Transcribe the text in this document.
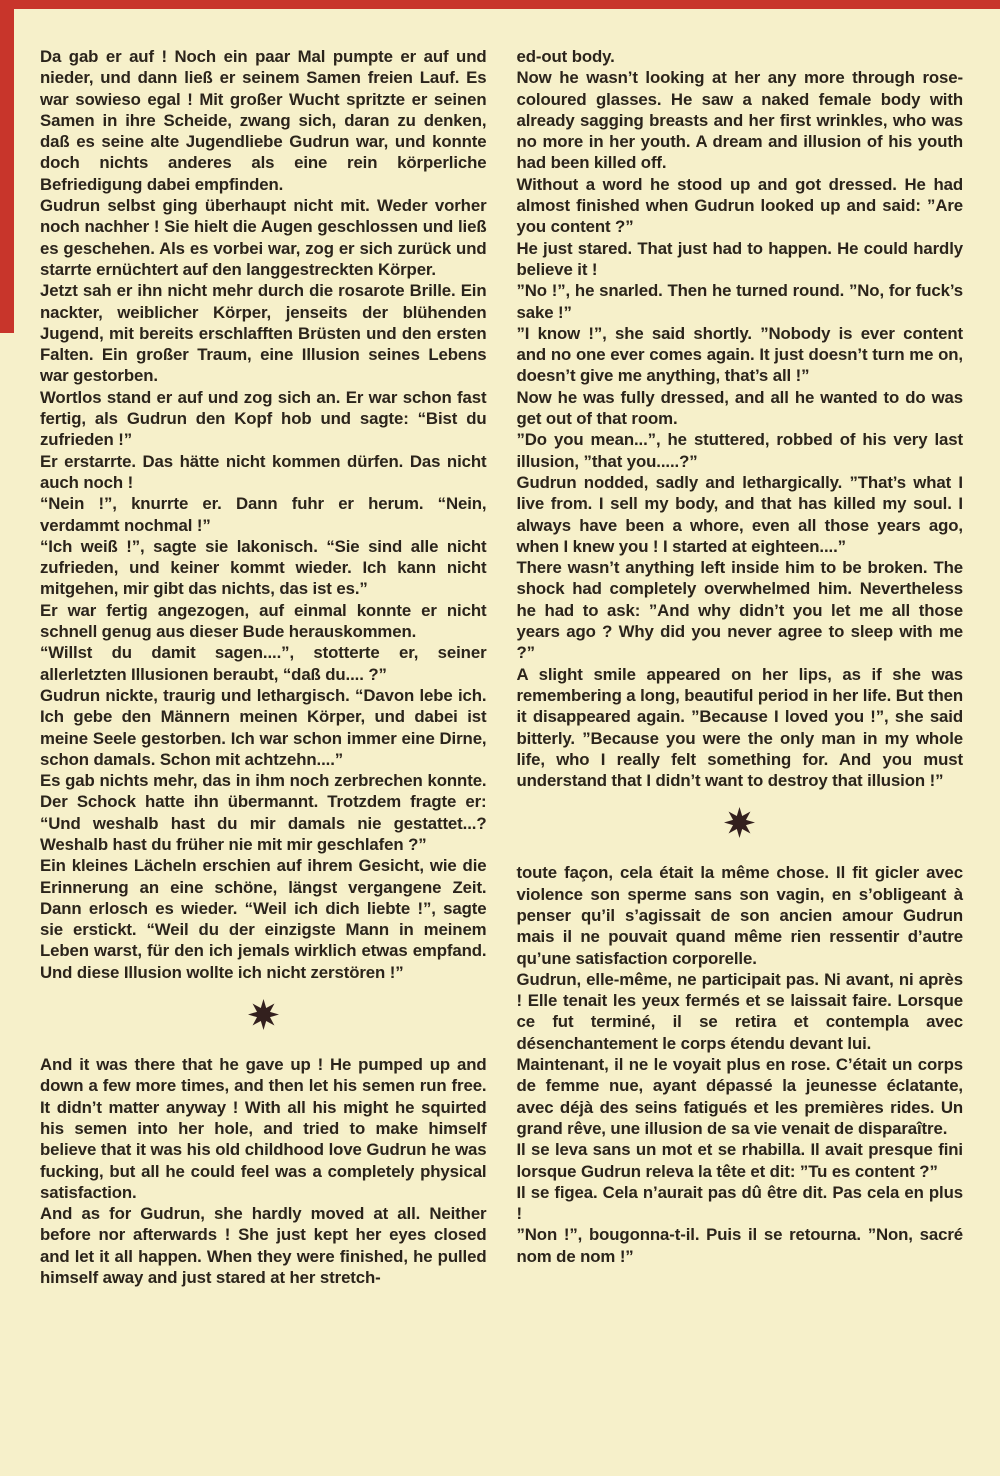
Da gab er auf ! Noch ein paar Mal pumpte er auf und nieder, und dann ließ er seinem Samen freien Lauf. Es war sowieso egal ! Mit großer Wucht spritzte er seinen Samen in ihre Scheide, zwang sich, daran zu denken, daß es seine alte Jugendliebe Gudrun war, und konnte doch nichts anderes als eine rein körperliche Befriedigung dabei empfinden.

Gudrun selbst ging überhaupt nicht mit. Weder vorher noch nachher ! Sie hielt die Augen geschlossen und ließ es geschehen. Als es vorbei war, zog er sich zurück und starrte ernüchtert auf den langgestreckten Körper.

Jetzt sah er ihn nicht mehr durch die rosarote Brille. Ein nackter, weiblicher Körper, jenseits der blühenden Jugend, mit bereits erschlafften Brüsten und den ersten Falten. Ein großer Traum, eine Illusion seines Lebens war gestorben.

Wortlos stand er auf und zog sich an. Er war schon fast fertig, als Gudrun den Kopf hob und sagte: “Bist du zufrieden !”

Er erstarrte. Das hätte nicht kommen dürfen. Das nicht auch noch !

“Nein !”, knurrte er. Dann fuhr er herum. “Nein, verdammt nochmal !”

“Ich weiß !”, sagte sie lakonisch. “Sie sind alle nicht zufrieden, und keiner kommt wieder. Ich kann nicht mitgehen, mir gibt das nichts, das ist es.”

Er war fertig angezogen, auf einmal konnte er nicht schnell genug aus dieser Bude herauskommen.

“Willst du damit sagen....”, stotterte er, seiner allerletzten Illusionen beraubt, “daß du.... ?”

Gudrun nickte, traurig und lethargisch. “Davon lebe ich. Ich gebe den Männern meinen Körper, und dabei ist meine Seele gestorben. Ich war schon immer eine Dirne, schon damals. Schon mit achtzehn....”

Es gab nichts mehr, das in ihm noch zerbrechen konnte. Der Schock hatte ihn übermannt. Trotzdem fragte er: “Und weshalb hast du mir damals nie gestattet...? Weshalb hast du früher nie mit mir geschlafen ?”

Ein kleines Lächeln erschien auf ihrem Gesicht, wie die Erinnerung an eine schöne, längst vergangene Zeit. Dann erlosch es wieder. “Weil ich dich liebte !”, sagte sie erstickt. “Weil du der einzigste Mann in meinem Leben warst, für den ich jemals wirklich etwas empfand. Und diese Illusion wollte ich nicht zerstören !”

And it was there that he gave up ! He pumped up and down a few more times, and then let his semen run free. It didn’t matter anyway ! With all his might he squirted his semen into her hole, and tried to make himself believe that it was his old childhood love Gudrun he was fucking, but all he could feel was a completely physical satisfaction.

And as for Gudrun, she hardly moved at all. Neither before nor afterwards ! She just kept her eyes closed and let it all happen. When they were finished, he pulled himself away and just stared at her stretch-

ed-out body.

Now he wasn’t looking at her any more through rose-coloured glasses. He saw a naked female body with already sagging breasts and her first wrinkles, who was no more in her youth. A dream and illusion of his youth had been killed off.

Without a word he stood up and got dressed. He had almost finished when Gudrun looked up and said: ”Are you content ?”

He just stared. That just had to happen. He could hardly believe it !

”No !”, he snarled. Then he turned round. ”No, for fuck’s sake !”

”I know !”, she said shortly. ”Nobody is ever content and no one ever comes again. It just doesn’t turn me on, doesn’t give me anything, that’s all !”

Now he was fully dressed, and all he wanted to do was get out of that room.

”Do you mean...”, he stuttered, robbed of his very last illusion, ”that you.....?”

Gudrun nodded, sadly and lethargically. ”That’s what I live from. I sell my body, and that has killed my soul. I always have been a whore, even all those years ago, when I knew you ! I started at eighteen....”

There wasn’t anything left inside him to be broken. The shock had completely overwhelmed him. Nevertheless he had to ask: ”And why didn’t you let me all those years ago ? Why did you never agree to sleep with me ?”

A slight smile appeared on her lips, as if she was remembering a long, beautiful period in her life. But then it disappeared again. ”Because I loved you !”, she said bitterly. ”Because you were the only man in my whole life, who I really felt something for. And you must understand that I didn’t want to destroy that illusion !”

toute façon, cela était la même chose. Il fit gicler avec violence son sperme sans son vagin, en s’obligeant à penser qu’il s’agissait de son ancien amour Gudrun mais il ne pouvait quand même rien ressentir d’autre qu’une satisfaction corporelle.

Gudrun, elle-même, ne participait pas. Ni avant, ni après ! Elle tenait les yeux fermés et se laissait faire. Lorsque ce fut terminé, il se retira et contempla avec désenchantement le corps étendu devant lui.

Maintenant, il ne le voyait plus en rose. C’était un corps de femme nue, ayant dépassé la jeunesse éclatante, avec déjà des seins fatigués et les premières rides. Un grand rêve, une illusion de sa vie venait de disparaître.

Il se leva sans un mot et se rhabilla. Il avait presque fini lorsque Gudrun releva la tête et dit: ”Tu es content ?”

Il se figea. Cela n’aurait pas dû être dit. Pas cela en plus !

”Non !”, bougonna-t-il. Puis il se retourna. ”Non, sacré nom de nom !”
